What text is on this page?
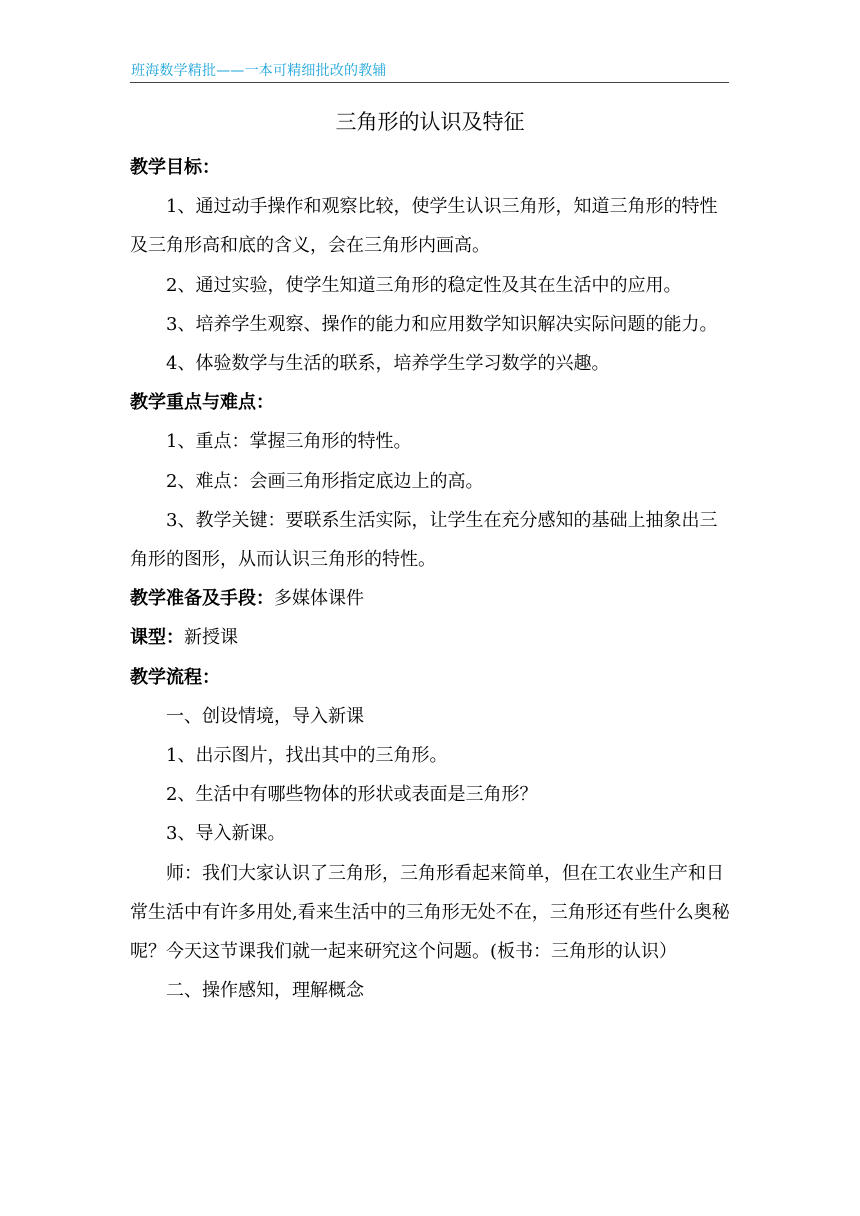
班海数学精批——一本可精细批改的教辅
三角形的认识及特征

教学目标：

1、通过动手操作和观察比较，使学生认识三角形，知道三角形的特性及三角形高和底的含义，会在三角形内画高。

2、通过实验，使学生知道三角形的稳定性及其在生活中的应用。

3、培养学生观察、操作的能力和应用数学知识解决实际问题的能力。

4、体验数学与生活的联系，培养学生学习数学的兴趣。

教学重点与难点：

1、重点：掌握三角形的特性。

2、难点：会画三角形指定底边上的高。

3、教学关键：要联系生活实际，让学生在充分感知的基础上抽象出三角形的图形，从而认识三角形的特性。

教学准备及手段：多媒体课件

课型：新授课

教学流程：

一、创设情境，导入新课

1、出示图片，找出其中的三角形。

2、生活中有哪些物体的形状或表面是三角形？

3、导入新课。

师：我们大家认识了三角形，三角形看起来简单，但在工农业生产和日常生活中有许多用处,看来生活中的三角形无处不在，三角形还有些什么奥秘呢？今天这节课我们就一起来研究这个问题。(板书：三角形的认识）

二、操作感知，理解概念
